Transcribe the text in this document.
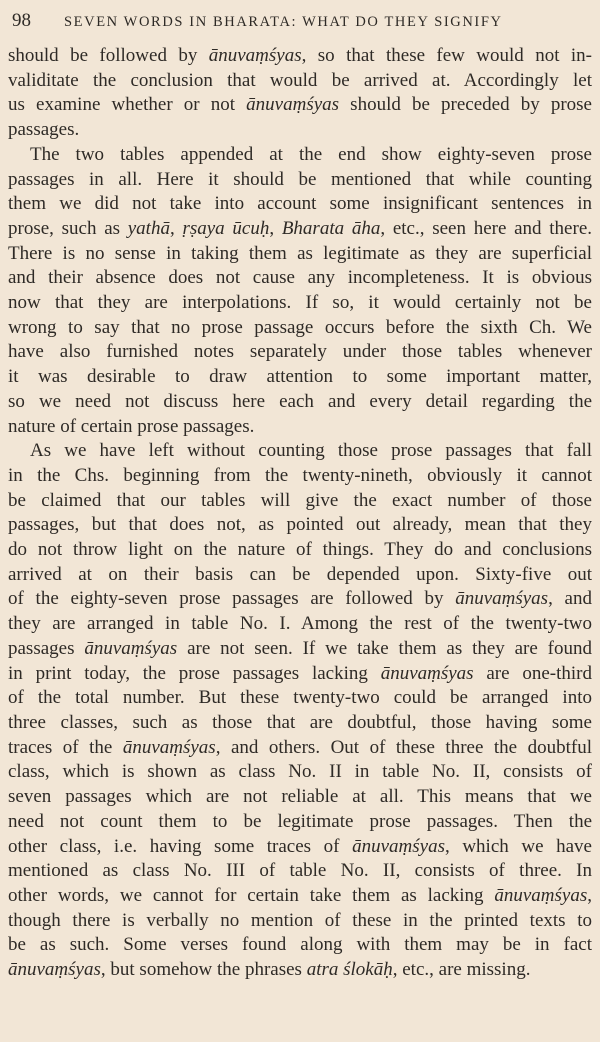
98	SEVEN WORDS IN BHARATA: WHAT DO THEY SIGNIFY

should be followed by ānuvaṃśyas, so that these few would not in-
validitate the conclusion that would be arrived at. Accordingly let
us examine whether or not ānuvaṃśyas should be preceded by prose
passages.

The two tables appended at the end show eighty-seven prose
passages in all. Here it should be mentioned that while counting
them we did not take into account some insignificant sentences in
prose, such as yathā, ṛṣaya ūcuḥ, Bharata āha, etc., seen here and there.
There is no sense in taking them as legitimate as they are superficial
and their absence does not cause any incompleteness. It is obvious
now that they are interpolations. If so, it would certainly not be
wrong to say that no prose passage occurs before the sixth Ch. We
have also furnished notes separately under those tables whenever
it was desirable to draw attention to some important matter,
so we need not discuss here each and every detail regarding the
nature of certain prose passages.

As we have left without counting those prose passages that fall
in the Chs. beginning from the twenty-nineth, obviously it cannot
be claimed that our tables will give the exact number of those
passages, but that does not, as pointed out already, mean that they
do not throw light on the nature of things. They do and conclusions
arrived at on their basis can be depended upon. Sixty-five out
of the eighty-seven prose passages are followed by ānuvaṃśyas, and
they are arranged in table No. I. Among the rest of the twenty-two
passages ānuvaṃśyas are not seen. If we take them as they are found
in print today, the prose passages lacking ānuvaṃśyas are one-third
of the total number. But these twenty-two could be arranged into
three classes, such as those that are doubtful, those having some
traces of the ānuvaṃśyas, and others. Out of these three the doubtful
class, which is shown as class No. II in table No. II, consists of
seven passages which are not reliable at all. This means that we
need not count them to be legitimate prose passages. Then the
other class, i.e. having some traces of ānuvaṃśyas, which we have
mentioned as class No. III of table No. II, consists of three. In
other words, we cannot for certain take them as lacking ānuvaṃśyas,
though there is verbally no mention of these in the printed texts to
be as such. Some verses found along with them may be in fact
ānuvaṃśyas, but somehow the phrases atra ślokāḥ, etc., are missing.
